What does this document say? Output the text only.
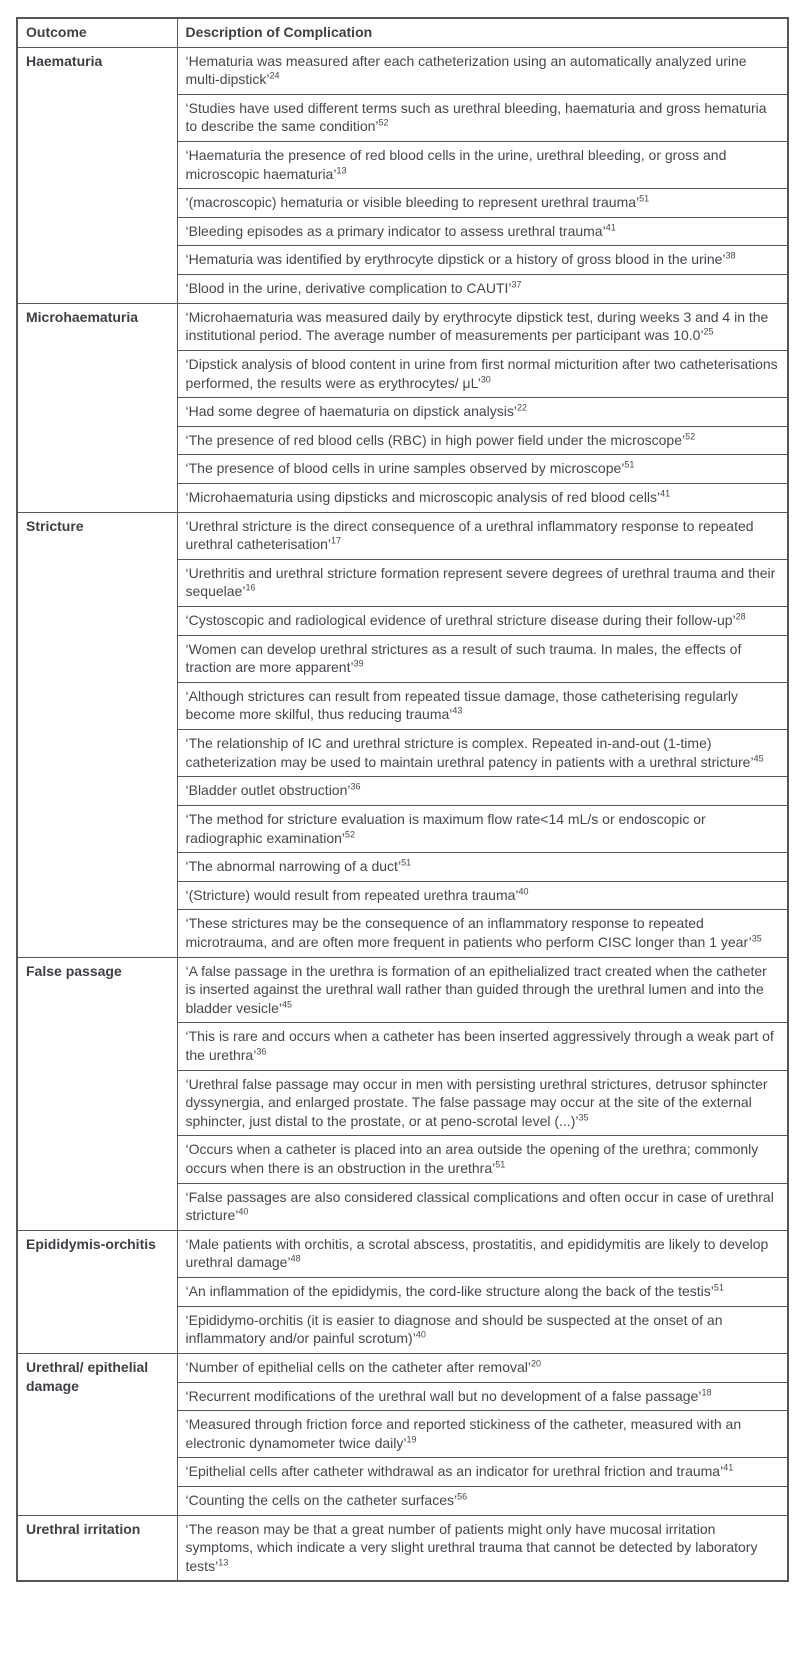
Outcome	Description of Complication
Haematuria	‘Hematuria was measured after each catheterization using an automatically analyzed urine multi-dipstick’$^{24}$
	‘Studies have used different terms such as urethral bleeding, haematuria and gross hematuria to describe the same condition’$^{52}$
	‘Haematuria the presence of red blood cells in the urine, urethral bleeding, or gross and microscopic haematuria’$^{13}$
	‘(macroscopic) hematuria or visible bleeding to represent urethral trauma’$^{51}$
	‘Bleeding episodes as a primary indicator to assess urethral trauma’$^{41}$
	‘Hematuria was identified by erythrocyte dipstick or a history of gross blood in the urine’$^{38}$
	‘Blood in the urine, derivative complication to CAUTI’$^{37}$
Microhaematuria	‘Microhaematuria was measured daily by erythrocyte dipstick test, during weeks 3 and 4 in the institutional period. The average number of measurements per participant was 10.0’$^{25}$
	‘Dipstick analysis of blood content in urine from first normal micturition after two catheterisations performed, the results were as erythrocytes/ μL’$^{30}$
	‘Had some degree of haematuria on dipstick analysis’$^{22}$
	‘The presence of red blood cells (RBC) in high power field under the microscope’$^{52}$
	‘The presence of blood cells in urine samples observed by microscope’$^{51}$
	‘Microhaematuria using dipsticks and microscopic analysis of red blood cells’$^{41}$
Stricture	‘Urethral stricture is the direct consequence of a urethral inflammatory response to repeated urethral catheterisation’$^{17}$
	‘Urethritis and urethral stricture formation represent severe degrees of urethral trauma and their sequelae’$^{16}$
	‘Cystoscopic and radiological evidence of urethral stricture disease during their follow-up’$^{28}$
	‘Women can develop urethral strictures as a result of such trauma. In males, the effects of traction are more apparent’$^{39}$
	‘Although strictures can result from repeated tissue damage, those catheterising regularly become more skilful, thus reducing trauma’$^{43}$
	‘The relationship of IC and urethral stricture is complex. Repeated in-and-out (1-time) catheterization may be used to maintain urethral patency in patients with a urethral stricture’$^{45}$
	‘Bladder outlet obstruction’$^{36}$
	‘The method for stricture evaluation is maximum flow rate<14 mL/s or endoscopic or radiographic examination’$^{52}$
	‘The abnormal narrowing of a duct’$^{51}$
	‘(Stricture) would result from repeated urethra trauma’$^{40}$
	‘These strictures may be the consequence of an inflammatory response to repeated microtrauma, and are often more frequent in patients who perform CISC longer than 1 year’$^{35}$
False passage	‘A false passage in the urethra is formation of an epithelialized tract created when the catheter is inserted against the urethral wall rather than guided through the urethral lumen and into the bladder vesicle’$^{45}$
	‘This is rare and occurs when a catheter has been inserted aggressively through a weak part of the urethra’$^{36}$
	‘Urethral false passage may occur in men with persisting urethral strictures, detrusor sphincter dyssynergia, and enlarged prostate. The false passage may occur at the site of the external sphincter, just distal to the prostate, or at peno-scrotal level (...)’$^{35}$
	‘Occurs when a catheter is placed into an area outside the opening of the urethra; commonly occurs when there is an obstruction in the urethra’$^{51}$
	‘False passages are also considered classical complications and often occur in case of urethral stricture’$^{40}$
Epididymis-orchitis	‘Male patients with orchitis, a scrotal abscess, prostatitis, and epididymitis are likely to develop urethral damage’$^{48}$
	‘An inflammation of the epididymis, the cord-like structure along the back of the testis’$^{51}$
	‘Epididymo-orchitis (it is easier to diagnose and should be suspected at the onset of an inflammatory and/or painful scrotum)’$^{40}$
Urethral/ epithelial damage	‘Number of epithelial cells on the catheter after removal’$^{20}$
	‘Recurrent modifications of the urethral wall but no development of a false passage’$^{18}$
	‘Measured through friction force and reported stickiness of the catheter, measured with an electronic dynamometer twice daily’$^{19}$
	‘Epithelial cells after catheter withdrawal as an indicator for urethral friction and trauma’$^{41}$
	‘Counting the cells on the catheter surfaces’$^{56}$
Urethral irritation	‘The reason may be that a great number of patients might only have mucosal irritation symptoms, which indicate a very slight urethral trauma that cannot be detected by laboratory tests’$^{13}$
